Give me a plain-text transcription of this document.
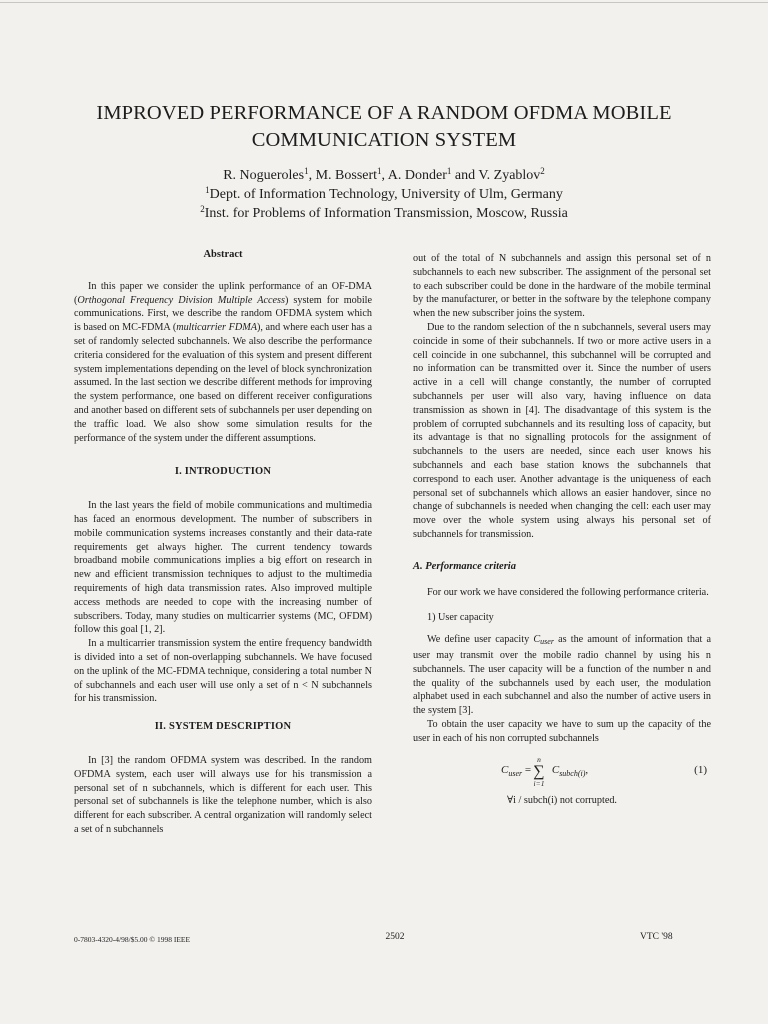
IMPROVED PERFORMANCE OF A RANDOM OFDMA MOBILE
COMMUNICATION SYSTEM
R. Nogueroles$^1$, M. Bossert$^1$, A. Donder$^1$ and V. Zyablov$^2$
$^1$Dept. of Information Technology, University of Ulm, Germany
$^2$Inst. for Problems of Information Transmission, Moscow, Russia

Abstract

In this paper we consider the uplink performance of an OF-DMA (Orthogonal Frequency Division Multiple Access) system for mobile communications. First, we describe the random OFDMA system which is based on MC-FDMA (multicarrier FDMA), and where each user has a set of randomly selected subchannels. We also describe the performance criteria considered for the evaluation of this system and present different system implementations depending on the level of block synchronization assumed. In the last section we describe different methods for improving the system performance, one based on different receiver configurations and another based on different sets of subchannels per user depending on the traffic load. We also show some simulation results for the performance of the system under the different assumptions.

I. INTRODUCTION

In the last years the field of mobile communications and multimedia has faced an enormous development. The number of subscribers in mobile communication systems increases constantly and their data-rate requirements get always higher. The current tendency towards broadband mobile communications implies a big effort on research in new and efficient transmission techniques to adjust to the multimedia requirements of high data transmission rates. Also improved multiple access methods are needed to cope with the increasing number of subscribers. Today, many studies on multicarrier systems (MC, OFDM) follow this goal [1, 2].

In a multicarrier transmission system the entire frequency bandwidth is divided into a set of non-overlapping subchannels. We have focused on the uplink of the MC-FDMA technique, considering a total number N of subchannels and each user will use only a set of n < N subchannels for his transmission.

II. SYSTEM DESCRIPTION

In [3] the random OFDMA system was described. In the random OFDMA system, each user will always use for his transmission a personal set of n subchannels, which is different for each user. This personal set of subchannels is like the telephone number, which is also different for each subscriber. A central organization will randomly select a set of n subchannels

out of the total of N subchannels and assign this personal set of n subchannels to each new subscriber. The assignment of the personal set to each subscriber could be done in the hardware of the mobile terminal by the manufacturer, or better in the software by the telephone company when the new subscriber joins the system.

Due to the random selection of the n subchannels, several users may coincide in some of their subchannels. If two or more active users in a cell coincide in one subchannel, this subchannel will be corrupted and no information can be transmitted over it. Since the number of users active in a cell will change constantly, the number of corrupted subchannels per user will also vary, having influence on data transmission as shown in [4]. The disadvantage of this system is the problem of corrupted subchannels and its resulting loss of capacity, but its advantage is that no signalling protocols for the assignment of subchannels to the users are needed, since each user knows his subchannels and each base station knows the subchannels that correspond to each user. Another advantage is the uniqueness of each personal set of subchannels which allows an easier handover, since no change of subchannels is needed when changing the cell: each user may move over the whole system using always his personal set of subchannels for transmission.

A. Performance criteria

For our work we have considered the following performance criteria.

1) User capacity

We define user capacity Cuser as the amount of information that a user may transmit over the mobile radio channel by using his n subchannels. The user capacity will be a function of the number n and the quality of the subchannels used by each user, the modulation alphabet used in each subchannel and also the number of active users in the system [3].

To obtain the user capacity we have to sum up the capacity of the user in each of his non corrupted subchannels

$C_{user} = C_{subch(i)}$,
n
∑
i=1
(1)
∀i / subch(i) not corrupted.
0-7803-4320-4/98/$5.00 © 1998 IEEE	2502	VTC '98
